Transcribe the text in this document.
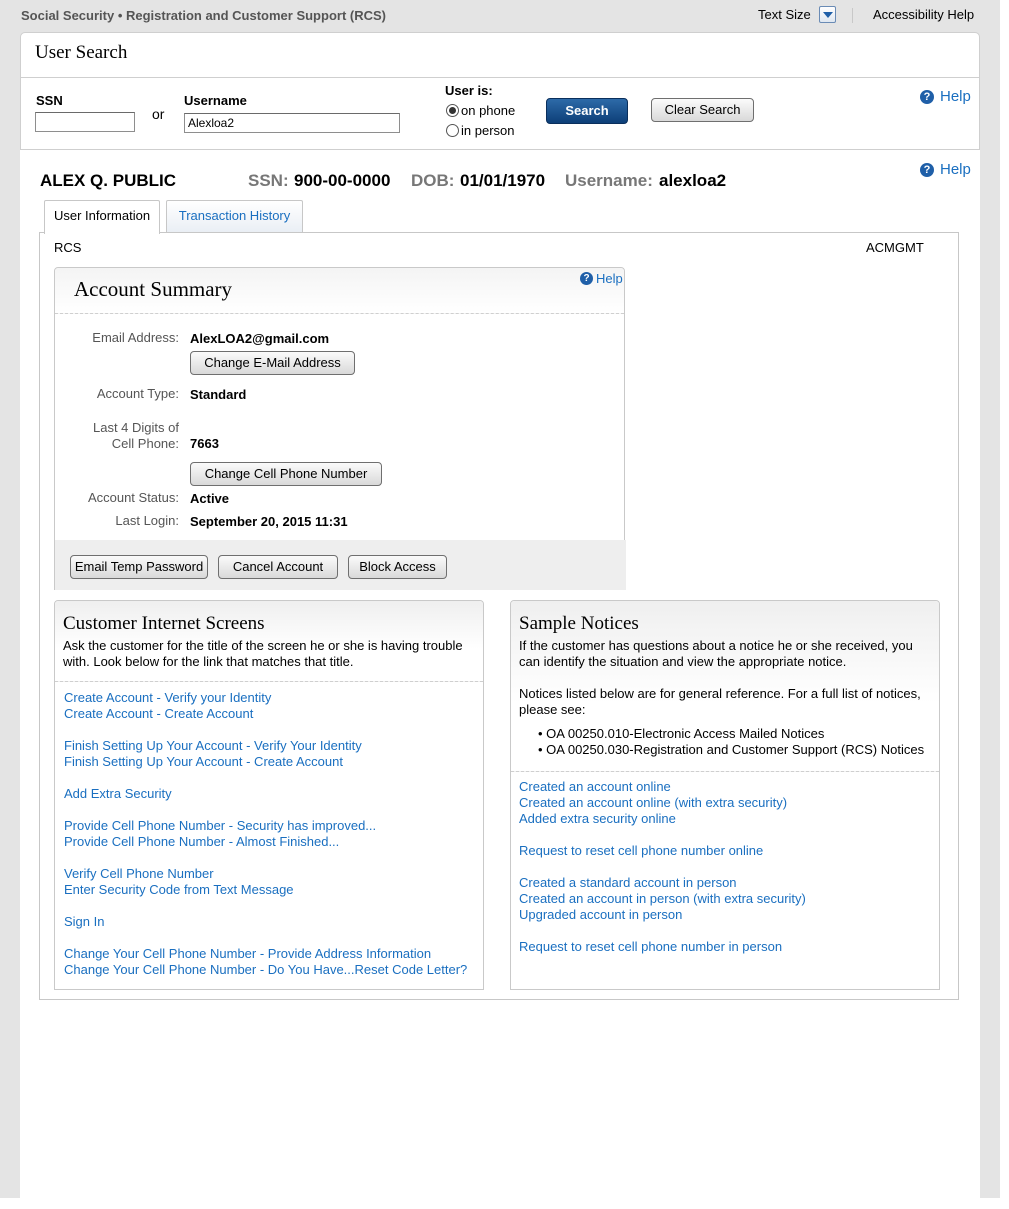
Social Security • Registration and Customer Support (RCS)	Text Size	Accessibility Help
User Search
SSN
or
Username
Alexloa2
User is:
on phone
in person
Search	Clear Search
? Help
ALEX Q. PUBLIC	SSN: 900-00-0000 DOB: 01/01/1970 Username: alexloa2
? Help
User Information	Transaction History
RCS	ACMGMT
Account Summary	? Help
Email Address: AlexLOA2@gmail.com
Change E-Mail Address
Account Type: Standard
Last 4 Digits of
Cell Phone: 7663
Change Cell Phone Number
Account Status: Active
Last Login: September 20, 2015 11:31
Email Temp Password	Cancel Account	Block Access
Customer Internet Screens
Ask the customer for the title of the screen he or she is having trouble
with. Look below for the link that matches that title.
Create Account - Verify your Identity
Create Account - Create Account
Finish Setting Up Your Account - Verify Your Identity
Finish Setting Up Your Account - Create Account
Add Extra Security
Provide Cell Phone Number - Security has improved...
Provide Cell Phone Number - Almost Finished...
Verify Cell Phone Number
Enter Security Code from Text Message
Sign In
Change Your Cell Phone Number - Provide Address Information
Change Your Cell Phone Number - Do You Have...Reset Code Letter?
Sample Notices
If the customer has questions about a notice he or she received, you
can identify the situation and view the appropriate notice.
Notices listed below are for general reference. For a full list of notices,
please see:
• OA 00250.010-Electronic Access Mailed Notices
• OA 00250.030-Registration and Customer Support (RCS) Notices
Created an account online
Created an account online (with extra security)
Added extra security online
Request to reset cell phone number online
Created a standard account in person
Created an account in person (with extra security)
Upgraded account in person
Request to reset cell phone number in person
